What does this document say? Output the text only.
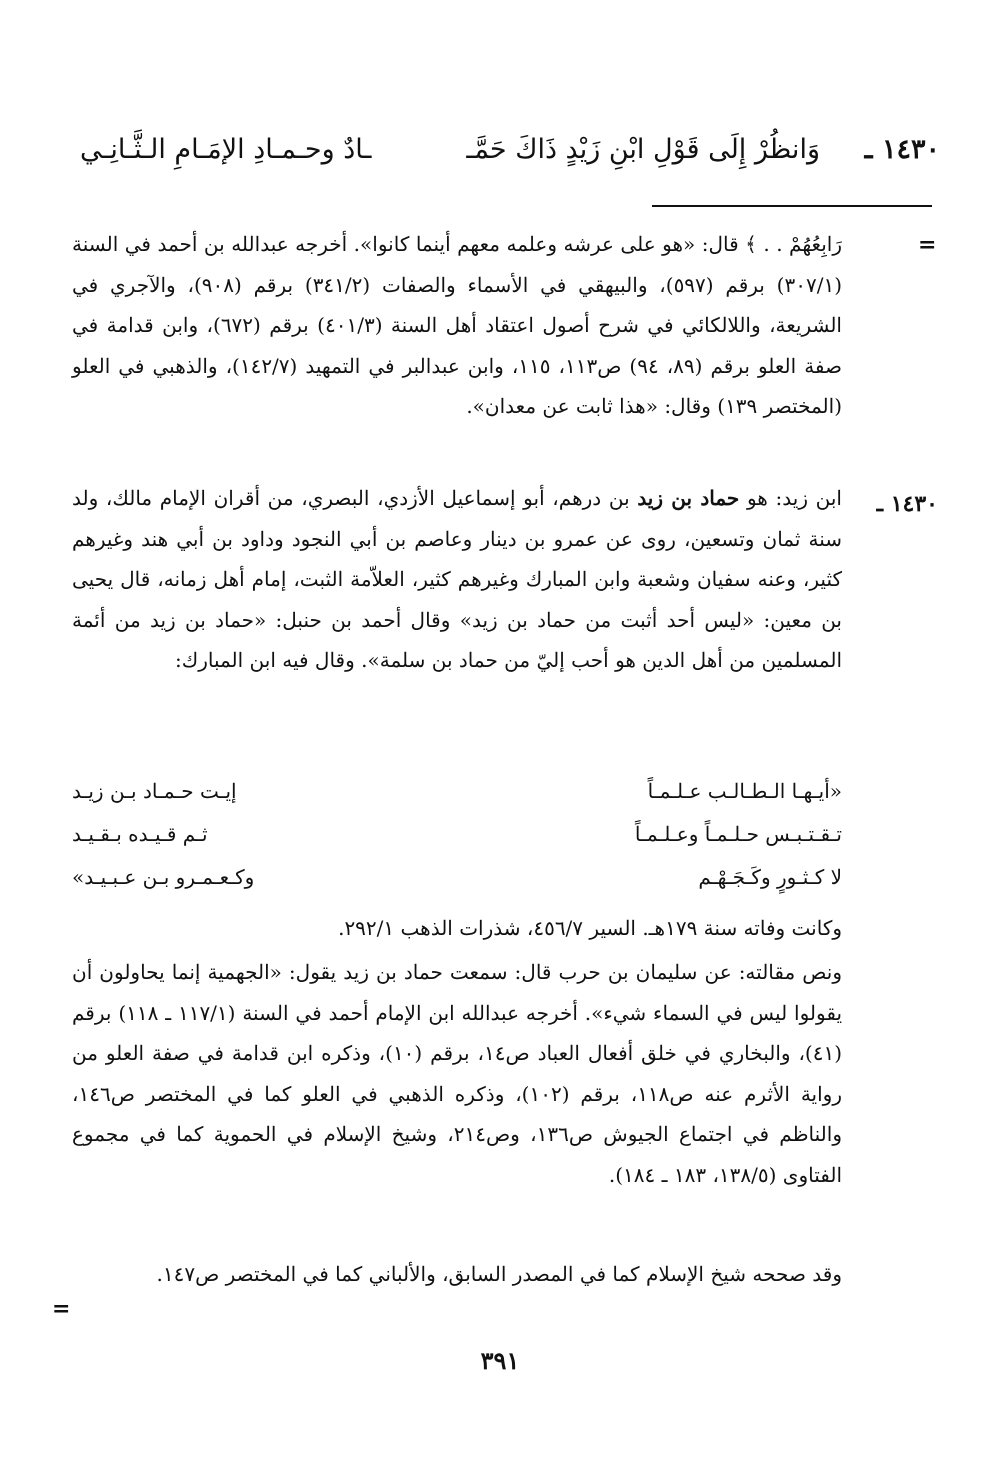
١٤٣٠ ـ
وَانظُرْ إِلَى قَوْلِ ابْنِ زَيْدٍ ذَاكَ حَمَّـ
ـادٌ وحـمـادِ الإمَـامِ الـثَّـانِـي
=
رَابِعُهُمْ . . ﴾ قال: «هو على عرشه وعلمه معهم أينما كانوا». أخرجه عبدالله بن أحمد في السنة (٣٠٧/١) برقم (٥٩٧)، والبيهقي في الأسماء والصفات (٣٤١/٢) برقم (٩٠٨)، والآجري في الشريعة، واللالكائي في شرح أصول اعتقاد أهل السنة (٤٠١/٣) برقم (٦٧٢)، وابن قدامة في صفة العلو برقم (٨٩، ٩٤) ص١١٣، ١١٥، وابن عبدالبر في التمهيد (١٤٢/٧)، والذهبي في العلو (المختصر ١٣٩) وقال: «هذا ثابت عن معدان».
١٤٣٠ ـ
ابن زيد: هو حماد بن زيد بن درهم، أبو إسماعيل الأزدي، البصري، من أقران الإمام مالك، ولد سنة ثمان وتسعين، روى عن عمرو بن دينار وعاصم بن أبي النجود وداود بن أبي هند وغيرهم كثير، وعنه سفيان وشعبة وابن المبارك وغيرهم كثير، العلاّمة الثبت، إمام أهل زمانه، قال يحيى بن معين: «ليس أحد أثبت من حماد بن زيد» وقال أحمد بن حنبل: «حماد بن زيد من أئمة المسلمين من أهل الدين هو أحب إليّ من حماد بن سلمة». وقال فيه ابن المبارك:
«أيـهـا الـطـالـب عـلـمـاً
إيـت حـمـاد بـن زيـد
تـقـتـبـس حـلـمـاً وعـلـمـاً
ثـم قـيـده بـقـيـد
لا كـثـورٍ وكَـجَـهْـم
وكـعـمـرو بـن عـبـيـد»
وكانت وفاته سنة ١٧٩هـ. السير ٤٥٦/٧، شذرات الذهب ٢٩٢/١.
ونص مقالته: عن سليمان بن حرب قال: سمعت حماد بن زيد يقول: «الجهمية إنما يحاولون أن يقولوا ليس في السماء شيء». أخرجه عبدالله ابن الإمام أحمد في السنة (١١٧/١ ـ ١١٨) برقم (٤١)، والبخاري في خلق أفعال العباد ص١٤، برقم (١٠)، وذكره ابن قدامة في صفة العلو من رواية الأثرم عنه ص١١٨، برقم (١٠٢)، وذكره الذهبي في العلو كما في المختصر ص١٤٦، والناظم في اجتماع الجيوش ص١٣٦، وص٢١٤، وشيخ الإسلام في الحموية كما في مجموع الفتاوى (١٣٨/٥، ١٨٣ ـ ١٨٤).
وقد صححه شيخ الإسلام كما في المصدر السابق، والألباني كما في المختصر ص١٤٧.
=
٣٩١
